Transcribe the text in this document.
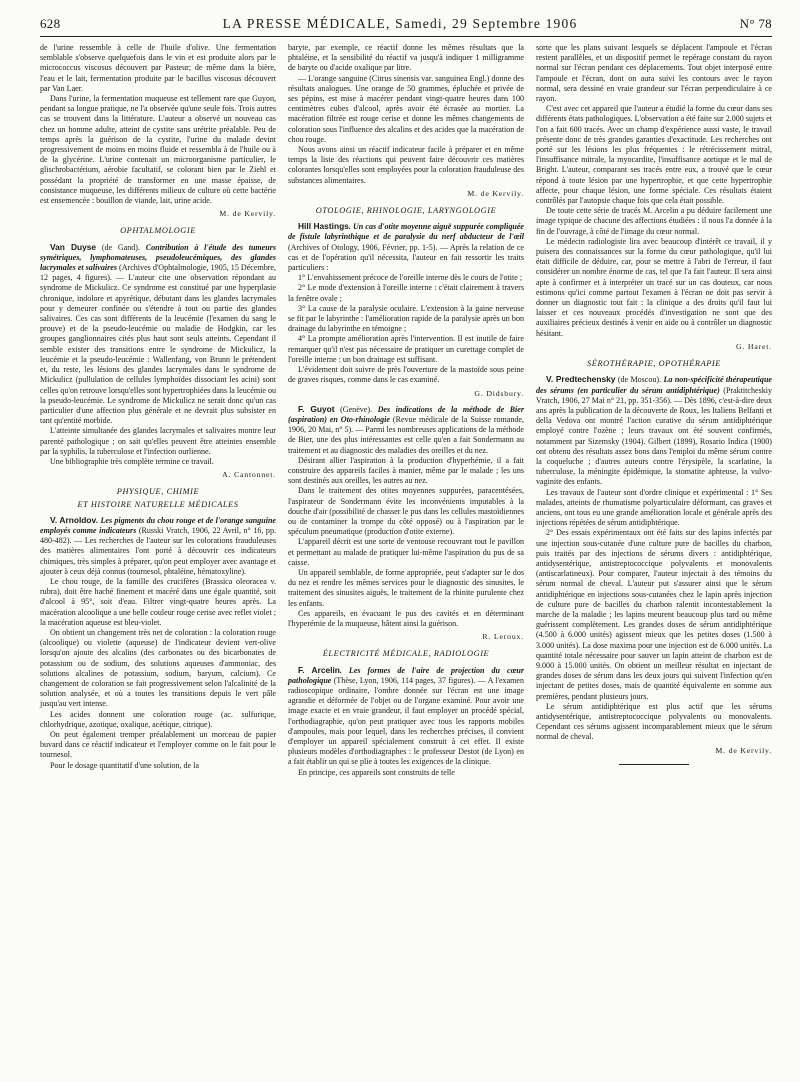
628	LA PRESSE MÉDICALE, Samedi, 29 Septembre 1906	N° 78

de l'urine ressemble à celle de l'huile d'olive. Une fermentation semblable s'observe quelquefois dans le vin et est produite alors par le micrococcus viscosus découvert par Pasteur; de même dans la bière, l'eau et le lait, fermentation produite par le bacillus viscosus découvert par Van Laer.

Dans l'urine, la fermentation muqueuse est tellement rare que Guyon, pendant sa longue pratique, ne l'a observée qu'une seule fois. Trois autres cas se trouvent dans la littérature. L'auteur a observé un nouveau cas chez un homme adulte, atteint de cystite sans urétrite préalable. Peu de temps après la guérison de la cystite, l'urine du malade devint progressivement de moins en moins fluide et ressembla à de l'huile ou à de la glycérine. L'urine contenait un microorganisme particulier, le glischrobactérium, aérobie facultatif, se colorant bien par le Ziehl et possédant la propriété de transformer en une masse épaisse, de consistance muqueuse, les différents milieux de culture où cette bactérie est ensemencée : bouillon de viande, lait, urine acide.

M. de Kervily.
OPHTALMOLOGIE

Van Duyse (de Gand). Contribution à l'étude des tumeurs symétriques, lymphomateuses, pseudoleucémiques, des glandes lacrymales et salivaires (Archives d'Ophtalmologie, 1905, 15 Décembre, 12 pages, 4 figures). — L'auteur cite une observation répondant au syndrome de Mickulicz. Ce syndrome est constitué par une hyperplasie chronique, indolore et apyrétique, débutant dans les glandes lacrymales pour y demeurer confinée ou s'étendre à tout ou partie des glandes salivaires. Ces cas sont différents de la leucémie (l'examen du sang le prouve) et de la pseudo-leucémie ou maladie de Hodgkin, car les groupes ganglionnaires cités plus haut sont seuls atteints. Cependant il semble exister des transitions entre le syndrome de Mickulicz, la leucémie et la pseudo-leucémie : Wallenfang, von Brunn le prétendent et, du reste, les lésions des glandes lacrymales dans le syndrome de Mickulicz (pullulation de cellules lymphoïdes dissociant les acini) sont celles qu'on retrouve lorsqu'elles sont hypertrophiées dans la leucémie ou la pseudo-leucémie. Le syndrome de Mickulicz ne serait donc qu'un cas particulier d'une affection plus générale et ne devrait plus subsister en tant qu'entité morbide.

L'atteinte simultanée des glandes lacrymales et salivaires montre leur parenté pathologique ; on sait qu'elles peuvent être atteintes ensemble par la syphilis, la tuberculose et l'infection ourlienne.

Une bibliographie très complète termine ce travail.

A. Cantonnet.
PHYSIQUE, CHIMIE
ET HISTOIRE NATURELLE MÉDICALES

V. Arnoldov. Les pigments du chou rouge et de l'orange sanguine employés comme indicateurs (Russki Vratch, 1906, 22 Avril, n° 16, pp. 480-482). — Les recherches de l'auteur sur les colorations frauduleuses des matières alimentaires l'ont porté à découvrir ces indicateurs chimiques, très simples à préparer, qu'on peut employer avec avantage et ajouter à ceux déjà connus (tournesol, phtaléine, hématoxyline).

Le chou rouge, de la famille des crucifères (Brassica oleoracea v. rubra), doit être haché finement et macéré dans une égale quantité, soit d'alcool à 95°, soit d'eau. Filtrer vingt-quatre heures après. La macération alcoolique a une belle couleur rouge cerise avec reflet violet ; la macération aqueuse est bleu-violet.

On obtient un changement très net de coloration : la coloration rouge (alcoolique) ou violette (aqueuse) de l'indicateur devient vert-olive lorsqu'on ajoute des alcalins (des carbonates ou des bicarbonates de potassium ou de sodium, des solutions aqueuses d'ammoniac, des solutions alcalines de potassium, sodium, baryum, calcium). Ce changement de coloration se fait progressivement selon l'alcalinité de la solution analysée, et où a toutes les transitions depuis le vert pâle jusqu'au vert intense.

Les acides donnent une coloration rouge (ac. sulfurique, chlorhydrique, azotique, oxalique, acétique, citrique).

On peut également tremper préalablement un morceau de papier buvard dans ce réactif indicateur et l'employer comme on le fait pour le tournesol.

Pour le dosage quantitatif d'une solution, de la

baryte, par exemple, ce réactif donne les mêmes résultats que la phtaléine, et la sensibilité du réactif va jusqu'à indiquer 1 milligramme de baryte ou d'acide oxalique par litre.

— L'orange sanguine (Citrus sinensis var. sanguinea Engl.) donne des résultats analogues. Une orange de 50 grammes, épluchée et privée de ses pépins, est mise à macérer pendant vingt-quatre heures dans 100 centimètres cubes d'alcool, après avoir été écrasée au mortier. La macération filtrée est rouge cerise et donne les mêmes changements de coloration sous l'influence des alcalins et des acides que la macération de chou rouge.

Nous avons ainsi un réactif indicateur facile à préparer et en même temps la liste des réactions qui peuvent faire découvrir ces matières colorantes lorsqu'elles sont employées pour la coloration frauduleuse des substances alimentaires.

M. de Kervily.
OTOLOGIE, RHINOLOGIE, LARYNGOLOGIE

Hill Hastings. Un cas d'otite moyenne aiguë suppurée compliquée de fistule labyrinthique et de paralysie du nerf abducteur de l'œil (Archives of Otology, 1906, Février, pp. 1-5). — Après la relation de ce cas et de l'opération qu'il nécessita, l'auteur en fait ressortir les traits particuliers :

1° L'envahissement précoce de l'oreille interne dès le cours de l'otite ;

2° Le mode d'extension à l'oreille interne : c'était clairement à travers la fenêtre ovale ;

3° La cause de la paralysie oculaire. L'extension à la gaine nerveuse se fit par le labyrinthe : l'amélioration rapide de la paralysie après un bon drainage du labyrinthe en témoigne ;

4° La prompte amélioration après l'intervention. Il est inutile de faire remarquer qu'il n'est pas nécessaire de pratiquer un curettage complet de l'oreille interne : un bon drainage est suffisant.

L'évidement doit suivre de près l'ouverture de la mastoïde sous peine de graves risques, comme dans le cas examiné.

G. Didsbury.

F. Guyot (Genève). Des indications de la méthode de Bier (aspiration) en Oto-rhinologie (Revue médicale de la Suisse romande, 1906, 20 Mai, n° 5). — Parmi les nombreuses applications de la méthode de Bier, une des plus intéressantes est celle qu'en a fait Sondermann au traitement et au diagnostic des maladies des oreilles et du nez.

Désirant allier l'aspiration à la production d'hyperhémie, il a fait construire des appareils faciles à manier, même par le malade ; les uns sont destinés aux oreilles, les autres au nez.

Dans le traitement des otites moyennes suppurées, paracentésées, l'aspirateur de Sondermann évite les inconvénients imputables à la douche d'air (possibilité de chasser le pus dans les cellules mastoïdiennes ou de contaminer la trompe du côté opposé) ou à l'aspiration par le spéculum pneumatique (production d'otite externe).

L'appareil décrit est une sorte de ventouse recouvrant tout le pavillon et permettant au malade de pratiquer lui-même l'aspiration du pus de sa caisse.

Un appareil semblable, de forme appropriée, peut s'adapter sur le dos du nez et rendre les mêmes services pour le diagnostic des sinusites, le traitement des sinusites aiguës, le traitement de la rhinite purulente chez les enfants.

Ces appareils, en évacuant le pus des cavités et en déterminant l'hyperémie de la muqueuse, hâtent ainsi la guérison.

R. Leroux.
ÉLECTRICITÉ MÉDICALE, RADIOLOGIE

F. Arcelin. Les formes de l'aire de projection du cœur pathologique (Thèse, Lyon, 1906, 114 pages, 37 figures). — A l'examen radioscopique ordinaire, l'ombre donnée sur l'écran est une image agrandie et déformée de l'objet ou de l'organe examiné. Pour avoir une image exacte et en vraie grandeur, il faut employer un procédé spécial, l'orthodiagraphie, qu'on peut pratiquer avec tous les rapports mobiles d'ampoules, mais pour lequel, dans les recherches précises, il convient d'employer un appareil spécialement construit à cet effet. Il existe plusieurs modèles d'orthodiagraphes : le professeur Destot (de Lyon) en a fait établir un qui se plie à toutes les exigences de la clinique.

En principe, ces appareils sont construits de telle

sorte que les plans suivant lesquels se déplacent l'ampoule et l'écran restent parallèles, et un dispositif permet le repérage constant du rayon normal sur l'écran pendant ces déplacements. Tout objet interposé entre l'ampoule et l'écran, dont on aura suivi les contours avec le rayon normal, sera dessiné en vraie grandeur sur l'écran perpendiculaire à ce rayon.

C'est avec cet appareil que l'auteur a étudié la forme du cœur dans ses différents états pathologiques. L'observation a été faite sur 2.000 sujets et l'on a fait 600 tracés. Avec un champ d'expérience aussi vaste, le travail présente donc de très grandes garanties d'exactitude. Les recherches ont porté sur les lésions les plus fréquentes : le rétrécissement mitral, l'insuffisance mitrale, la myocardite, l'insuffisance aortique et le mal de Bright. L'auteur, comparant ses tracés entre eux, a trouvé que le cœur répond à toute lésion par une hypertrophie, et que cette hypertrophie affecte, pour chaque lésion, une forme spéciale. Ces résultats étaient contrôlés par l'autopsie chaque fois que cela était possible.

De toute cette série de tracés M. Arcelin a pu déduire facilement une image typique de chacune des affections étudiées : il nous l'a donnée à la fin de l'ouvrage, à côté de l'image du cœur normal.

Le médecin radiologiste lira avec beaucoup d'intérêt ce travail, il y puisera des connaissances sur la forme du cœur pathologique, qu'il lui était difficile de déduire, car, pour se mettre à l'abri de l'erreur, il faut considérer un nombre énorme de cas, tel que l'a fait l'auteur. Il sera ainsi apte à confirmer et à interpréter un tracé sur un cas douteux, car nous estimons qu'ici comme partout l'examen à l'écran ne doit pas servir à donner un diagnostic tout fait : la clinique a des droits qu'il faut lui laisser et ces nouveaux procédés d'investigation ne sont que des auxiliaires précieux destinés à venir en aide ou à contrôler un diagnostic hésitant.

G. Haret.
SÉROTHÉRAPIE, OPOTHÉRAPIE

V. Predtechensky (de Moscou). La non-spécificité thérapeutique des sérums (en particulier du sérum antidiphtérique) (Praktitcheskiy Vratch, 1906, 27 Mai n° 21, pp. 351-356). — Dès 1896, c'est-à-dire deux ans après la publication de la découverte de Roux, les Italiens Belfanti et della Vedova ont montré l'action curative du sérum antidiphtérique employé contre l'ozène ; leurs travaux ont été souvent confirmés, notamment par Sizemsky (1904). Gilbert (1899), Rosario Indica (1900) ont obtenu des résultats assez bons dans l'emploi du même sérum contre la coqueluche ; d'autres auteurs contre l'érysipèle, la scarlatine, la tuberculose, la méningite épidémique, la stomatite aphteuse, la vulvo-vaginite des enfants.

Les travaux de l'auteur sont d'ordre clinique et expérimental : 1° Ses malades, atteints de rhumatisme polyarticulaire déformant, cas graves et anciens, ont tous eu une grande amélioration locale et générale après des injections répétées de sérum antidiphtérique.

2° Des essais expérimentaux ont été faits sur des lapins infectés par une injection sous-cutanée d'une culture pure de bacilles du charbon, puis traités par des injections de sérums divers : antidiphtérique, antidysentérique, antistreptococcique polyvalents et monovalents (antiscarlatineux). Pour comparer, l'auteur injectait à des témoins du sérum normal de cheval. L'auteur put s'assurer ainsi que le sérum antidiphtérique en injections sous-cutanées chez le lapin après injection de culture pure de bacilles du charbon ralentit incontestablement la marche de la maladie ; les lapins meurent beaucoup plus tard ou même guérissent complètement. Les grandes doses de sérum antidiphtérique (4.500 à 6.000 unités) agissent mieux que les petites doses (1.500 à 3.000 unités). La dose maxima pour une injection est de 6.000 unités. La quantité totale nécessaire pour sauver un lapin atteint de charbon est de 9.000 à 15.000 unités. On obtient un meilleur résultat en injectant de grandes doses de sérum dans les deux jours qui suivent l'infection qu'en injectant de petites doses, mais de quantité équivalente en somme aux premières, pendant plusieurs jours.

Le sérum antidiphtérique est plus actif que les sérums antidysentérique, antistreptococcique polyvalents ou monovalents. Cependant ces sérums agissent incomparablement mieux que le sérum normal de cheval.

M. de Kervily.
